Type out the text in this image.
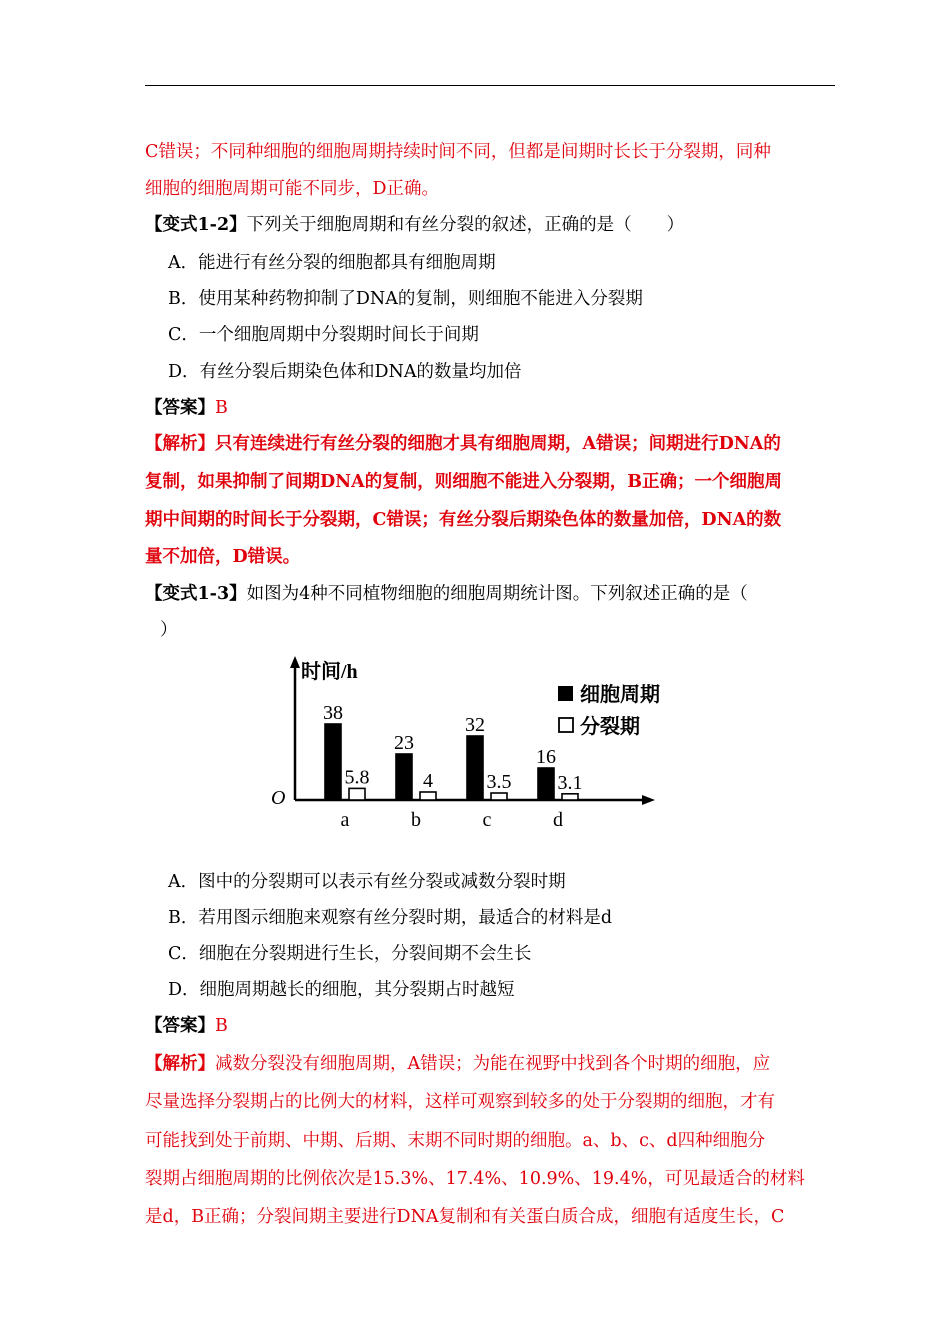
C错误；不同种细胞的细胞周期持续时间不同，但都是间期时长长于分裂期，同种
细胞的细胞周期可能不同步，D正确。
【变式1-2】下列关于细胞周期和有丝分裂的叙述，正确的是（　　）
A．能进行有丝分裂的细胞都具有细胞周期
B．使用某种药物抑制了DNA的复制，则细胞不能进入分裂期
C．一个细胞周期中分裂期时间长于间期
D．有丝分裂后期染色体和DNA的数量均加倍
【答案】B
【解析】只有连续进行有丝分裂的细胞才具有细胞周期，A错误；间期进行DNA的
复制，如果抑制了间期DNA的复制，则细胞不能进入分裂期，B正确；一个细胞周
期中间期的时间长于分裂期，C错误；有丝分裂后期染色体的数量加倍，DNA的数
量不加倍，D错误。
【变式1-3】如图为4种不同植物细胞的细胞周期统计图。下列叙述正确的是（
）
时间/h
O
38
5.8
a
23
4
b
32
3.5
c
16
3.1
d
细胞周期
分裂期
A．图中的分裂期可以表示有丝分裂或减数分裂时期
B．若用图示细胞来观察有丝分裂时期，最适合的材料是d
C．细胞在分裂期进行生长，分裂间期不会生长
D．细胞周期越长的细胞，其分裂期占时越短
【答案】B
【解析】减数分裂没有细胞周期，A错误；为能在视野中找到各个时期的细胞，应
尽量选择分裂期占的比例大的材料，这样可观察到较多的处于分裂期的细胞，才有
可能找到处于前期、中期、后期、末期不同时期的细胞。a、b、c、d四种细胞分
裂期占细胞周期的比例依次是15.3%、17.4%、10.9%、19.4%，可见最适合的材料
是d，B正确；分裂间期主要进行DNA复制和有关蛋白质合成，细胞有适度生长，C
